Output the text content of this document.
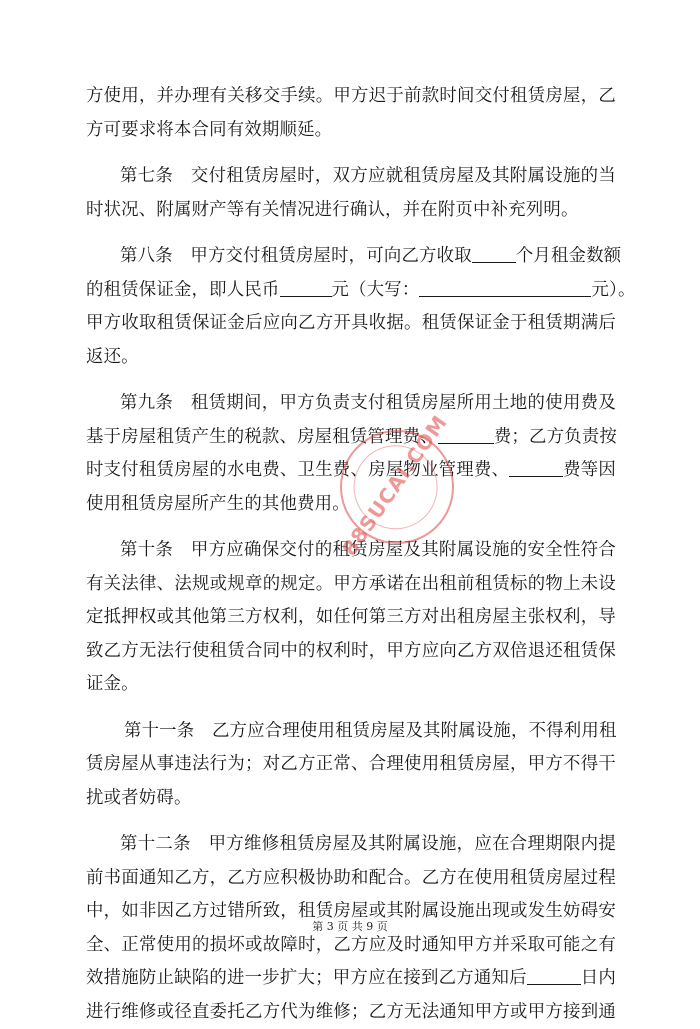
方使用，并办理有关移交手续。甲方迟于前款时间交付租赁房屋，乙
方可要求将本合同有效期顺延。
第七条　交付租赁房屋时，双方应就租赁房屋及其附属设施的当
时状况、附属财产等有关情况进行确认，并在附页中补充列明。
第八条　甲方交付租赁房屋时，可向乙方收取	个月租金数额
的租赁保证金，即人民币	元（大写：	元）。
甲方收取租赁保证金后应向乙方开具收据。租赁保证金于租赁期满后
返还。
第九条　租赁期间，甲方负责支付租赁房屋所用土地的使用费及
基于房屋租赁产生的税款、房屋租赁管理费、	费；乙方负责按
时支付租赁房屋的水电费、卫生费、房屋物业管理费、	费等因
使用租赁房屋所产生的其他费用。
第十条　甲方应确保交付的租赁房屋及其附属设施的安全性符合
有关法律、法规或规章的规定。甲方承诺在出租前租赁标的物上未设
定抵押权或其他第三方权利，如任何第三方对出租房屋主张权利，导
致乙方无法行使租赁合同中的权利时，甲方应向乙方双倍退还租赁保
证金。
第十一条　乙方应合理使用租赁房屋及其附属设施，不得利用租
赁房屋从事违法行为；对乙方正常、合理使用租赁房屋，甲方不得干
扰或者妨碍。
第十二条　甲方维修租赁房屋及其附属设施，应在合理期限内提
前书面通知乙方，乙方应积极协助和配合。乙方在使用租赁房屋过程
中，如非因乙方过错所致，租赁房屋或其附属设施出现或发生妨碍安
全、正常使用的损坏或故障时，乙方应及时通知甲方并采取可能之有
效措施防止缺陷的进一步扩大；甲方应在接到乙方通知后	日内
进行维修或径直委托乙方代为维修；乙方无法通知甲方或甲方接到通
88SUCAI.COM
第 3 页 共 9 页
